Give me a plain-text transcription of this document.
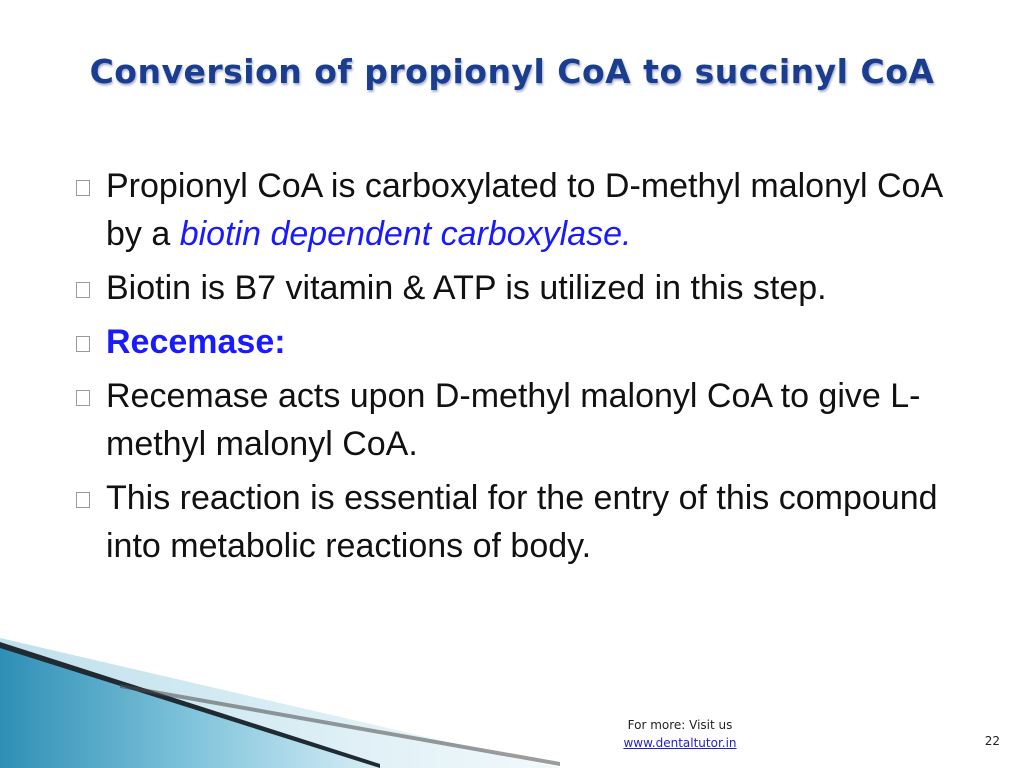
Conversion of propionyl CoA to succinyl CoA
Propionyl CoA is carboxylated to D-methyl malonyl CoA by a biotin dependent carboxylase.
Biotin is B7 vitamin & ATP is utilized in this step.
Recemase:
Recemase acts upon D-methyl malonyl CoA to give L-methyl malonyl CoA.
This reaction is essential for the entry of this compound into metabolic reactions of body.
For more: Visit us
www.dentaltutor.in	22
